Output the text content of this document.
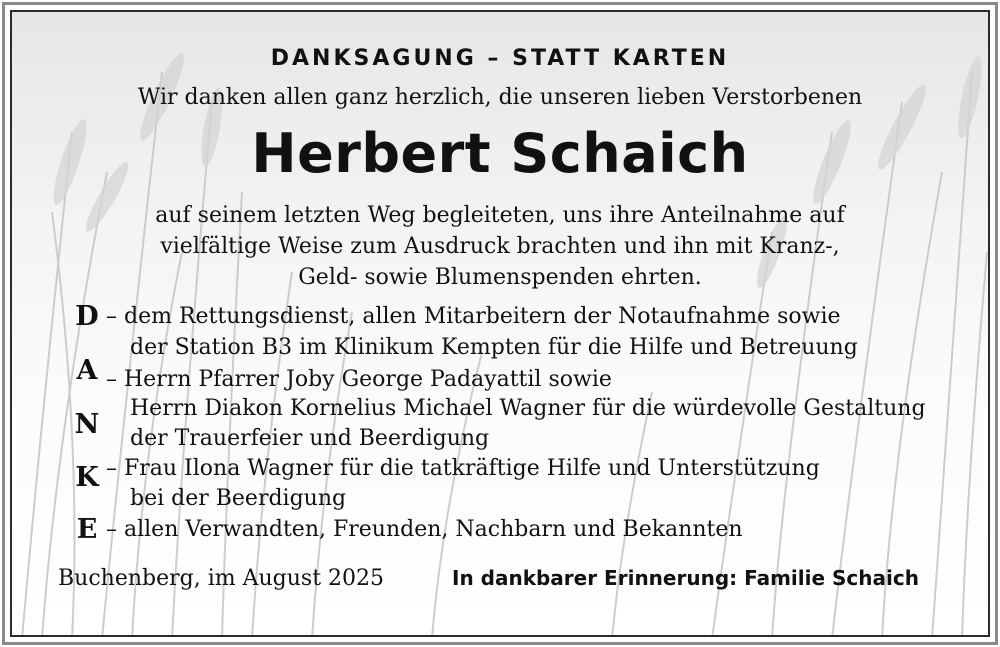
DANKSAGUNG – STATT KARTEN
Wir danken allen ganz herzlich, die unseren lieben Verstorbenen
Herbert Schaich
auf seinem letzten Weg begleiteten, uns ihre Anteilnahme auf
vielfältige Weise zum Ausdruck brachten und ihn mit Kranz-,
Geld- sowie Blumenspenden ehrten.
D
A
N
K
E
– dem Rettungsdienst, allen Mitarbeitern der Notaufnahme sowie
der Station B3 im Klinikum Kempten für die Hilfe und Betreuung
– Herrn Pfarrer Joby George Padayattil sowie
Herrn Diakon Kornelius Michael Wagner für die würdevolle Gestaltung
der Trauerfeier und Beerdigung
– Frau Ilona Wagner für die tatkräftige Hilfe und Unterstützung
bei der Beerdigung
– allen Verwandten, Freunden, Nachbarn und Bekannten
Buchenberg, im August 2025	In dankbarer Erinnerung: Familie Schaich
